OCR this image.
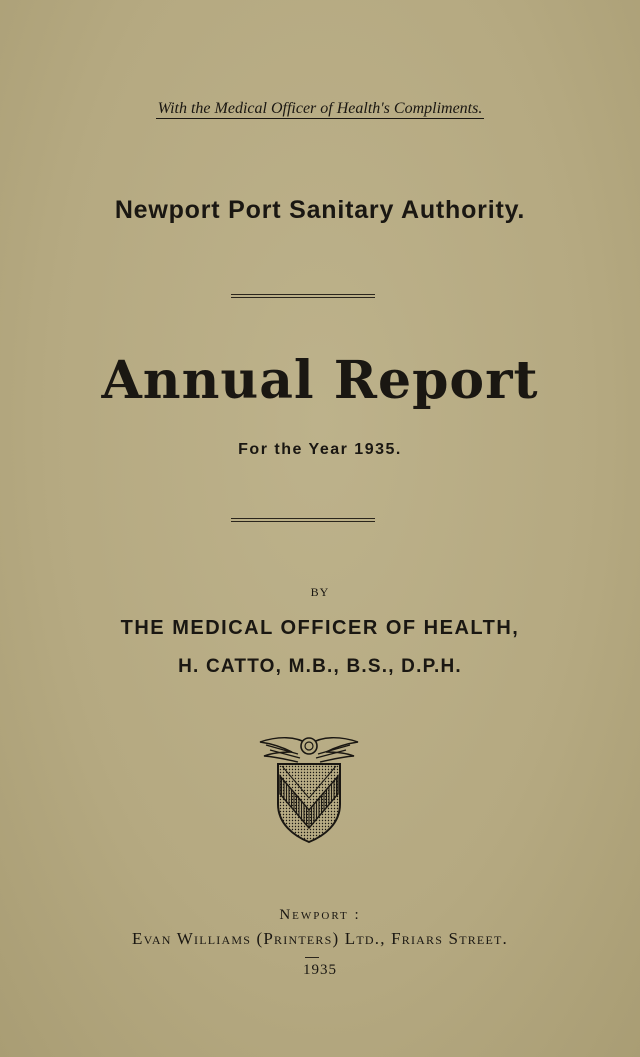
With the Medical Officer of Health's Compliments.
Newport Port Sanitary Authority.
Annual Report
For the Year 1935.
BY
THE MEDICAL OFFICER OF HEALTH,
H. CATTO, M.B., B.S., D.P.H.
Newport :
Evan Williams (Printers) Ltd., Friars Street.
1935
